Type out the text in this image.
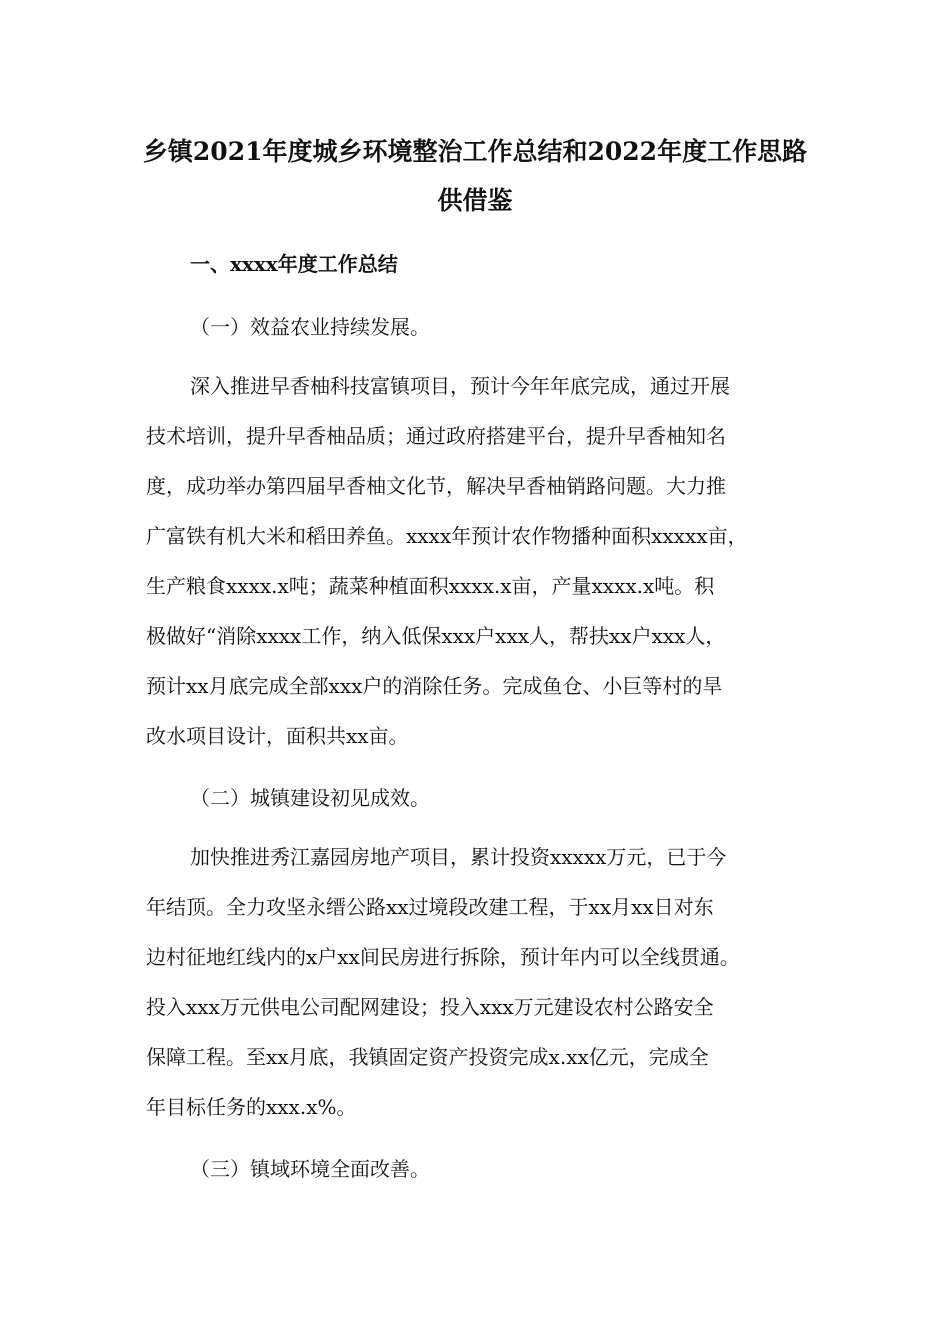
乡镇2021年度城乡环境整治工作总结和2022年度工作思路
供借鉴
一、xxxx年度工作总结
（一）效益农业持续发展。
深入推进早香柚科技富镇项目，预计今年年底完成，通过开展
技术培训，提升早香柚品质；通过政府搭建平台，提升早香柚知名
度，成功举办第四届早香柚文化节，解决早香柚销路问题。大力推
广富铁有机大米和稻田养鱼。xxxx年预计农作物播种面积xxxxx亩，
生产粮食xxxx.x吨；蔬菜种植面积xxxx.x亩，产量xxxx.x吨。积
极做好“消除xxxx工作，纳入低保xxx户xxx人，帮扶xx户xxx人，
预计xx月底完成全部xxx户的消除任务。完成鱼仓、小巨等村的旱
改水项目设计，面积共xx亩。
（二）城镇建设初见成效。
加快推进秀江嘉园房地产项目，累计投资xxxxx万元，已于今
年结顶。全力攻坚永缙公路xx过境段改建工程，于xx月xx日对东
边村征地红线内的x户xx间民房进行拆除，预计年内可以全线贯通。
投入xxx万元供电公司配网建设；投入xxx万元建设农村公路安全
保障工程。至xx月底，我镇固定资产投资完成x.xx亿元，完成全
年目标任务的xxx.x%。
（三）镇域环境全面改善。
